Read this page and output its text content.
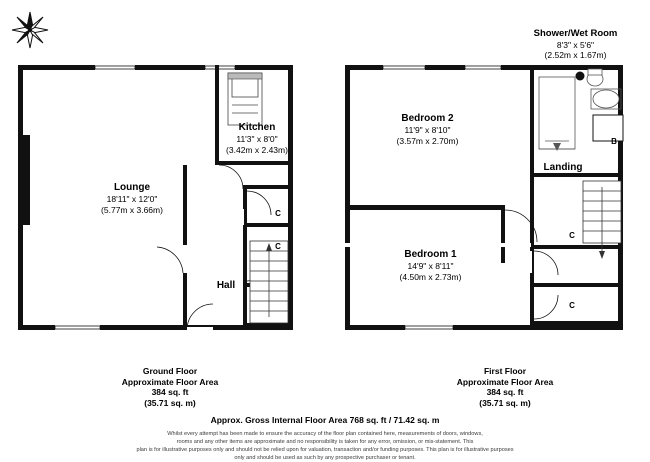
Lounge
18'11" x 12'0"
(5.77m x 3.66m)
Kitchen
11'3" x 8'0"
(3.42m x 2.43m)
Hall
C
C
Bedroom 2
11'9" x 8'10"
(3.57m x 2.70m)
Bedroom 1
14'9" x 8'11"
(4.50m x 2.73m)
Landing
Shower/Wet Room
8'3" x 5'6"
(2.52m x 1.67m)
B
C
C
Ground Floor
Approximate Floor Area
384 sq. ft
(35.71 sq. m)
First Floor
Approximate Floor Area
384 sq. ft
(35.71 sq. m)
Approx. Gross Internal Floor Area 768 sq. ft / 71.42 sq. m
Whilst every attempt has been made to ensure the accuracy of the floor plan contained here, measurements of doors, windows,
rooms and any other items are approximate and no responsibility is taken for any error, omission, or mis-statement. This
plan is for illustrative purposes only and should not be relied upon for valuation, transaction and/or funding purposes. This plan is for illustrative purposes
only and should be used as such by any prospective purchaser or tenant.
